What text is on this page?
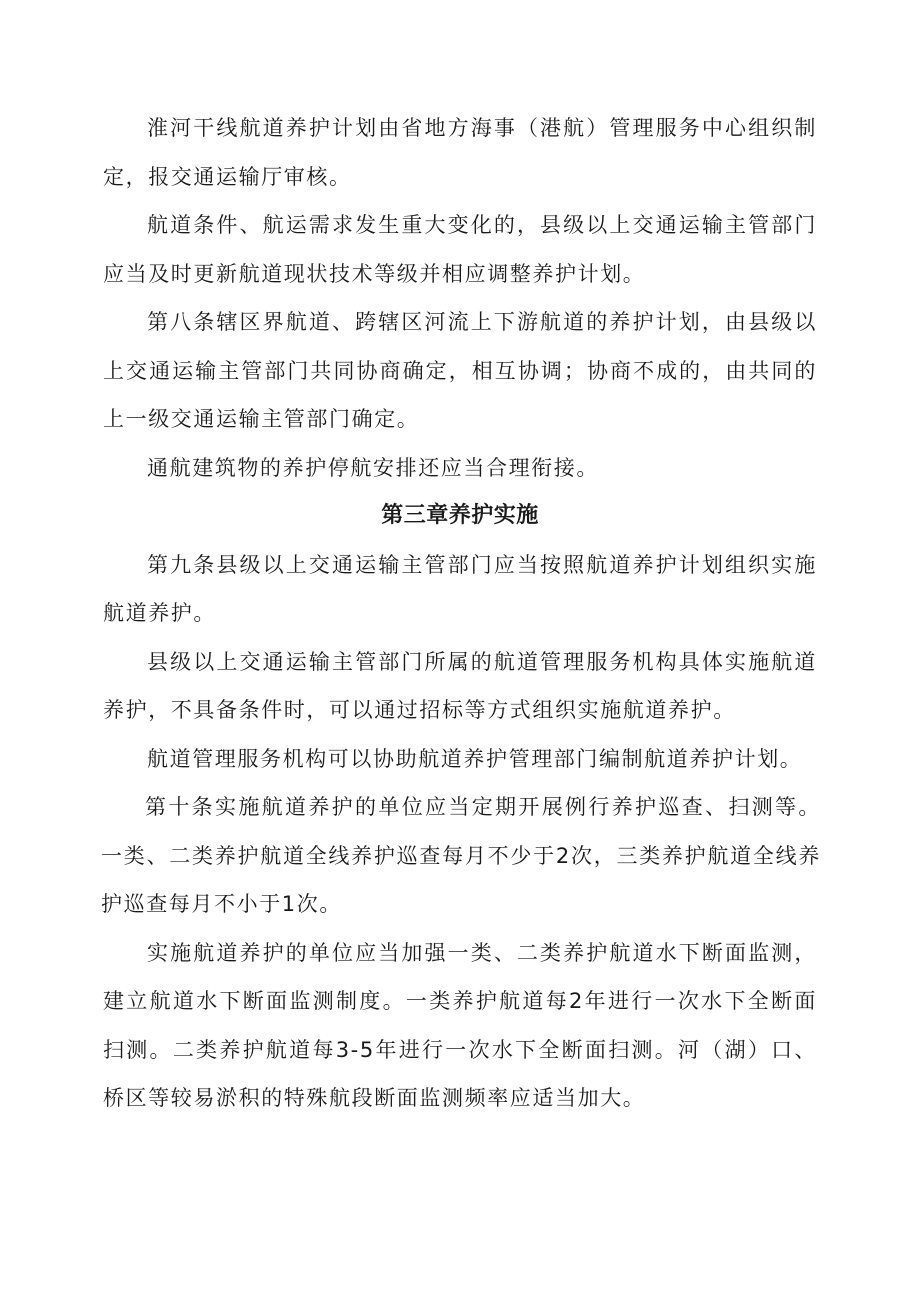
淮河干线航道养护计划由省地方海事（港航）管理服务中心组织制定，报交通运输厅审核。

航道条件、航运需求发生重大变化的，县级以上交通运输主管部门应当及时更新航道现状技术等级并相应调整养护计划。

第八条辖区界航道、跨辖区河流上下游航道的养护计划，由县级以上交通运输主管部门共同协商确定，相互协调；协商不成的，由共同的上一级交通运输主管部门确定。

通航建筑物的养护停航安排还应当合理衔接。

第三章养护实施

第九条县级以上交通运输主管部门应当按照航道养护计划组织实施航道养护。

县级以上交通运输主管部门所属的航道管理服务机构具体实施航道养护，不具备条件时，可以通过招标等方式组织实施航道养护。

航道管理服务机构可以协助航道养护管理部门编制航道养护计划。

第十条实施航道养护的单位应当定期开展例行养护巡查、扫测等。一类、二类养护航道全线养护巡查每月不少于2次，三类养护航道全线养护巡查每月不小于1次。

实施航道养护的单位应当加强一类、二类养护航道水下断面监测，建立航道水下断面监测制度。一类养护航道每2年进行一次水下全断面扫测。二类养护航道每3-5年进行一次水下全断面扫测。河（湖）口、桥区等较易淤积的特殊航段断面监测频率应适当加大。
